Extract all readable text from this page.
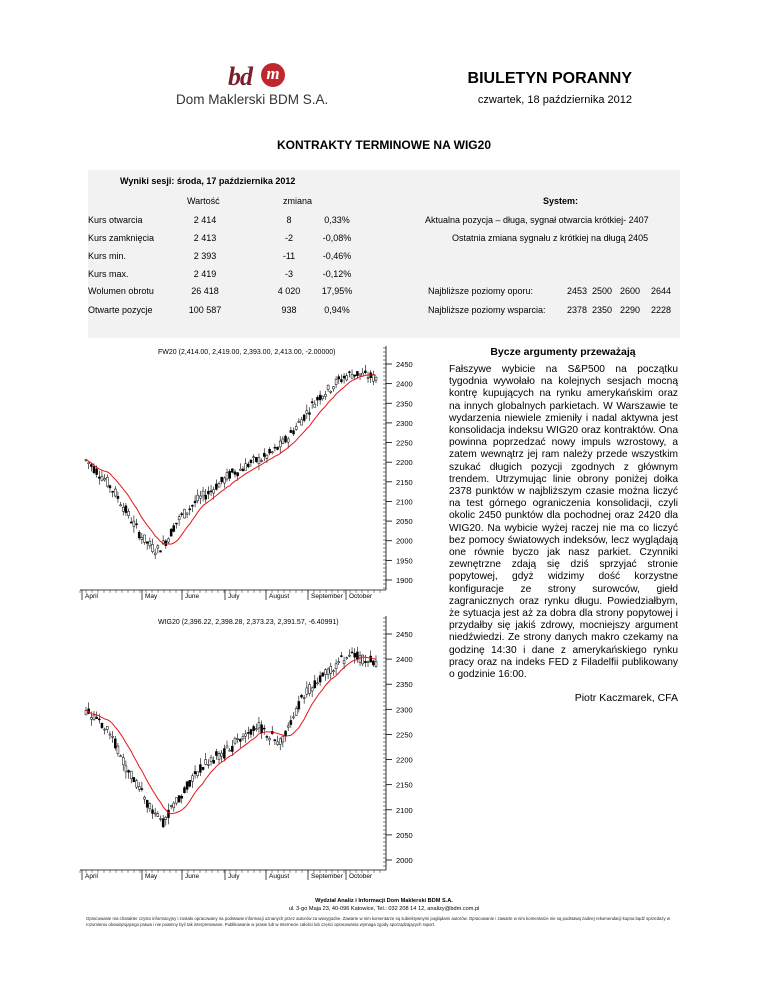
bd m
Dom Maklerski BDM S.A.
BIULETYN PORANNY
czwartek, 18 października 2012
KONTRAKTY TERMINOWE NA WIG20
Wyniki sesji: środa, 17 października 2012
Wartość	zmiana	System:
Kurs otwarcia	2 414	8	0,33%
Kurs zamknięcia	2 413	-2	-0,08%
Kurs min.	2 393	-11	-0,46%
Kurs max.	2 419	-3	-0,12%
Wolumen obrotu	26 418	4 020	17,95%
Otwarte pozycje	100 587	938	0,94%
Aktualna pozycja – długa, sygnał otwarcia krótkiej- 2407
Ostatnia zmiana sygnału z krótkiej na długą 2405
Najbliższe poziomy oporu:	2453 2500 2600 2644
Najbliższe poziomy wsparcia: 2378 2350 2290 2228
FW20 (2,414.00, 2,419.00, 2,393.00, 2,413.00, -2.00000)
1900
1950
2000
2050
2100
2150
2200
2250
2300
2350
2400
2450
April	May	June	July	August	September October
WIG20 (2,396.22, 2,398.28, 2,373.23, 2,391.57, -6.40991)
2000
2050
2100
2150
2200
2250
2300
2350
2400
2450
April	May	June	July	August	September October
Bycze argumenty przeważają
Fałszywe wybicie na S&P500 na początku tygodnia wywołało na kolejnych sesjach mocną kontrę kupujących na rynku amerykańskim oraz na innych globalnych parkietach. W Warszawie te wydarzenia niewiele zmieniły i nadal aktywna jest konsolidacja indeksu WIG20 oraz kontraktów. Ona powinna poprzedzać nowy impuls wzrostowy, a zatem wewnątrz jej ram należy przede wszystkim szukać długich pozycji zgodnych z głównym trendem. Utrzymując linie obrony poniżej dołka 2378 punktów w najbliższym czasie można liczyć na test górnego ograniczenia konsolidacji, czyli okolic 2450 punktów dla pochodnej oraz 2420 dla WIG20. Na wybicie wyżej raczej nie ma co liczyć bez pomocy światowych indeksów, lecz wyglądają one równie byczo jak nasz parkiet. Czynniki zewnętrzne zdają się dziś sprzyjać stronie popytowej, gdyż widzimy dość korzystne konfiguracje ze strony surowców, giełd zagranicznych oraz rynku długu. Powiedziałbym, że sytuacja jest aż za dobra dla strony popytowej i przydałby się jakiś zdrowy, mocniejszy argument niedźwiedzi. Ze strony danych makro czekamy na godzinę 14:30 i dane z amerykańskiego rynku pracy oraz na indeks FED z Filadelfii publikowany o godzinie 16:00.
Piotr Kaczmarek, CFA
Wydział Analiz i Informacji Dom Maklerski BDM S.A.
ul. 3-go Maja 23, 40-096 Katowice, Tel.: 032 208 14 12, analizy@bdm.com.pl
Opracowanie ma charakter czysto informacyjny i zostało opracowany na podstawie informacji uznanych przez autorów za wiarygodne. Zawarte w nim komentarze są subiektywnymi poglądami autorów. Opracowanie i zawarte w nim komentarze nie są podstawą żadnej rekomendacji kupna bądź sprzedaży w rozumieniu obowiązującego prawa i nie powinny być tak interpretowane. Publikowanie w prasie lub w Internecie całości lub części opracowania wymaga zgody sporządzających raport.
